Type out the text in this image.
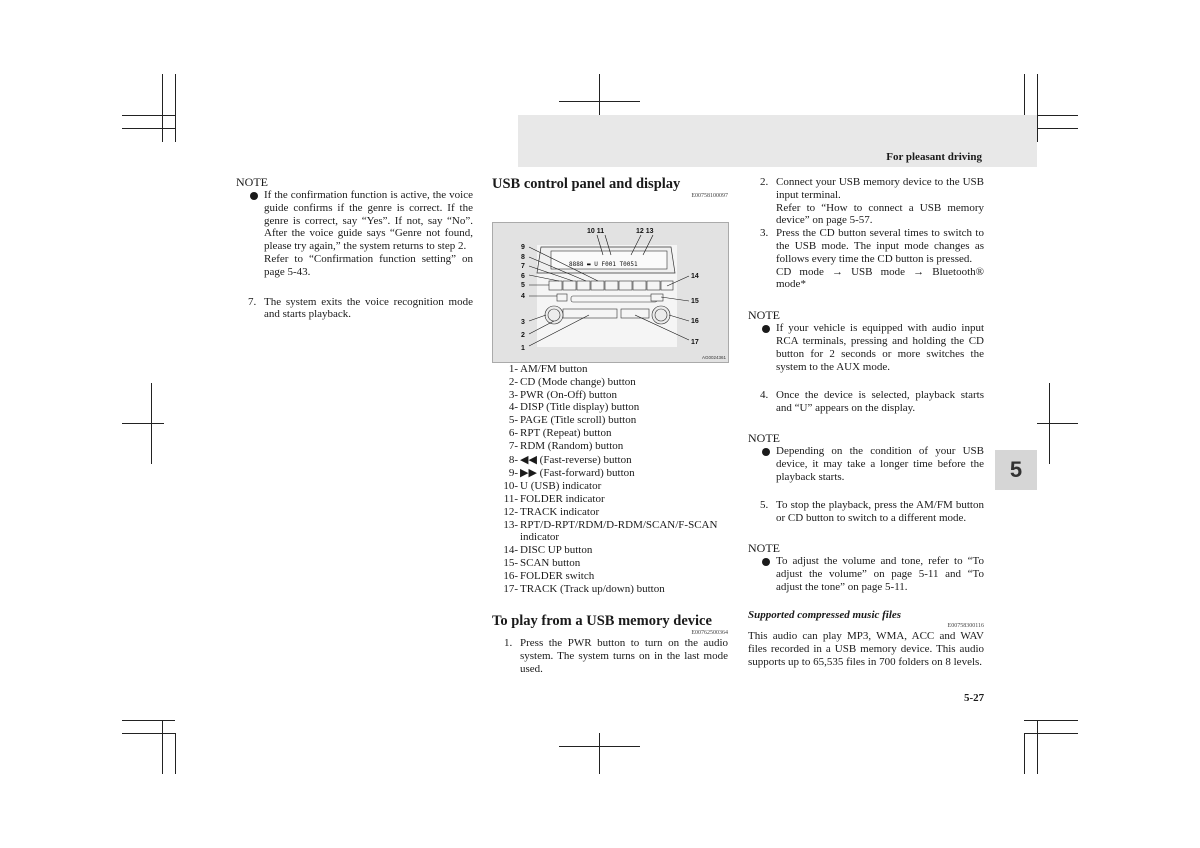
For pleasant driving
5

NOTE

If the confirmation function is active, the voice guide confirms if the genre is correct. If the genre is correct, say “Yes”. If not, say “No”. After the voice guide says “Genre not found, please try again,” the system returns to step 2.
Refer to “Confirmation function setting” on page 5-43.
7. The system exits the voice recognition mode and starts playback.
USB control panel and display
E00758100097
8888 ▬ U F001 T0051
9
8
7
6
5
4
3
2
1
10 11	12 13
14
15
16
17
AG0024361
1- AM/FM button
2- CD (Mode change) button
3- PWR (On-Off) button
4- DISP (Title display) button
5- PAGE (Title scroll) button
6- RPT (Repeat) button
7- RDM (Random) button
8- ◀◀ (Fast-reverse) button
9- ▶▶ (Fast-forward) button
10- U (USB) indicator
11- FOLDER indicator
12- TRACK indicator
13- RPT/D-RPT/RDM/D-RDM/SCAN/F-SCAN indicator
14- DISC UP button
15- SCAN button
16- FOLDER switch
17- TRACK (Track up/down) button
To play from a USB memory device
E00762500364
1. Press the PWR button to turn on the audio system. The system turns on in the last mode used.
2. Connect your USB memory device to the USB input terminal.
Refer to “How to connect a USB memory device” on page 5-57.
3. Press the CD button several times to switch to the USB mode. The input mode changes as follows every time the CD button is pressed.
CD mode → USB mode → Bluetooth® mode*

NOTE

If your vehicle is equipped with audio input RCA terminals, pressing and holding the CD button for 2 seconds or more switches the system to the AUX mode.
4. Once the device is selected, playback starts and “U” appears on the display.

NOTE

Depending on the condition of your USB device, it may take a longer time before the playback starts.
5. To stop the playback, press the AM/FM button or CD button to switch to a different mode.

NOTE

To adjust the volume and tone, refer to “To adjust the volume” on page 5-11 and “To adjust the tone” on page 5-11.
Supported compressed music files
E00758300116
This audio can play MP3, WMA, ACC and WAV files recorded in a USB memory device. This audio supports up to 65,535 files in 700 folders on 8 levels.
5-27
